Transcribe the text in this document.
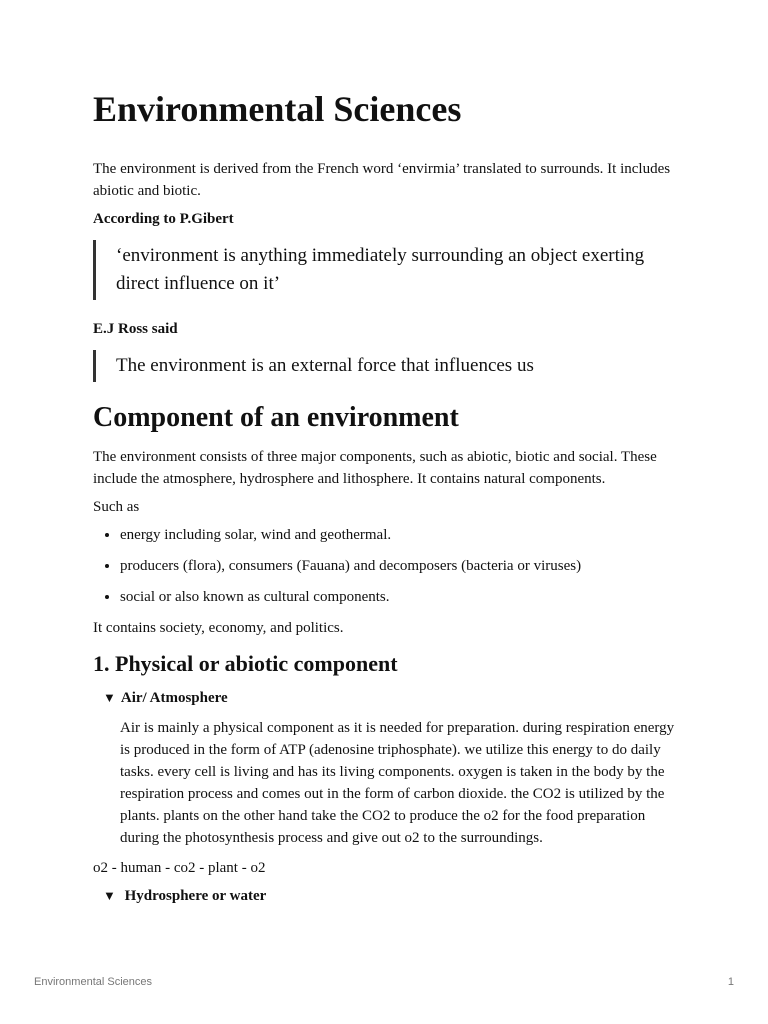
Environmental Sciences

The environment is derived from the French word ‘envirmia’ translated to surrounds. It includes abiotic and biotic.

According to P.Gibert

‘environment is anything immediately surrounding an object exerting direct influence on it’

E.J Ross said

The environment is an external force that influences us
Component of an environment

The environment consists of three major components, such as abiotic, biotic and social. These include the atmosphere, hydrosphere and lithosphere. It contains natural components.

Such as

• energy including solar, wind and geothermal.
• producers (flora), consumers (Fauana) and decomposers (bacteria or viruses)
• social or also known as cultural components.

It contains society, economy, and politics.

1. Physical or abiotic component
▼ Air/ Atmosphere

Air is mainly a physical component as it is needed for preparation. during respiration energy is produced in the form of ATP (adenosine triphosphate). we utilize this energy to do daily tasks. every cell is living and has its living components. oxygen is taken in the body by the respiration process and comes out in the form of carbon dioxide. the CO2 is utilized by the plants. plants on the other hand take the CO2 to produce the o2 for the food preparation during the photosynthesis process and give out o2 to the surroundings.

o2 - human - co2 - plant - o2

▼ Hydrosphere or water
Environmental Sciences	1
